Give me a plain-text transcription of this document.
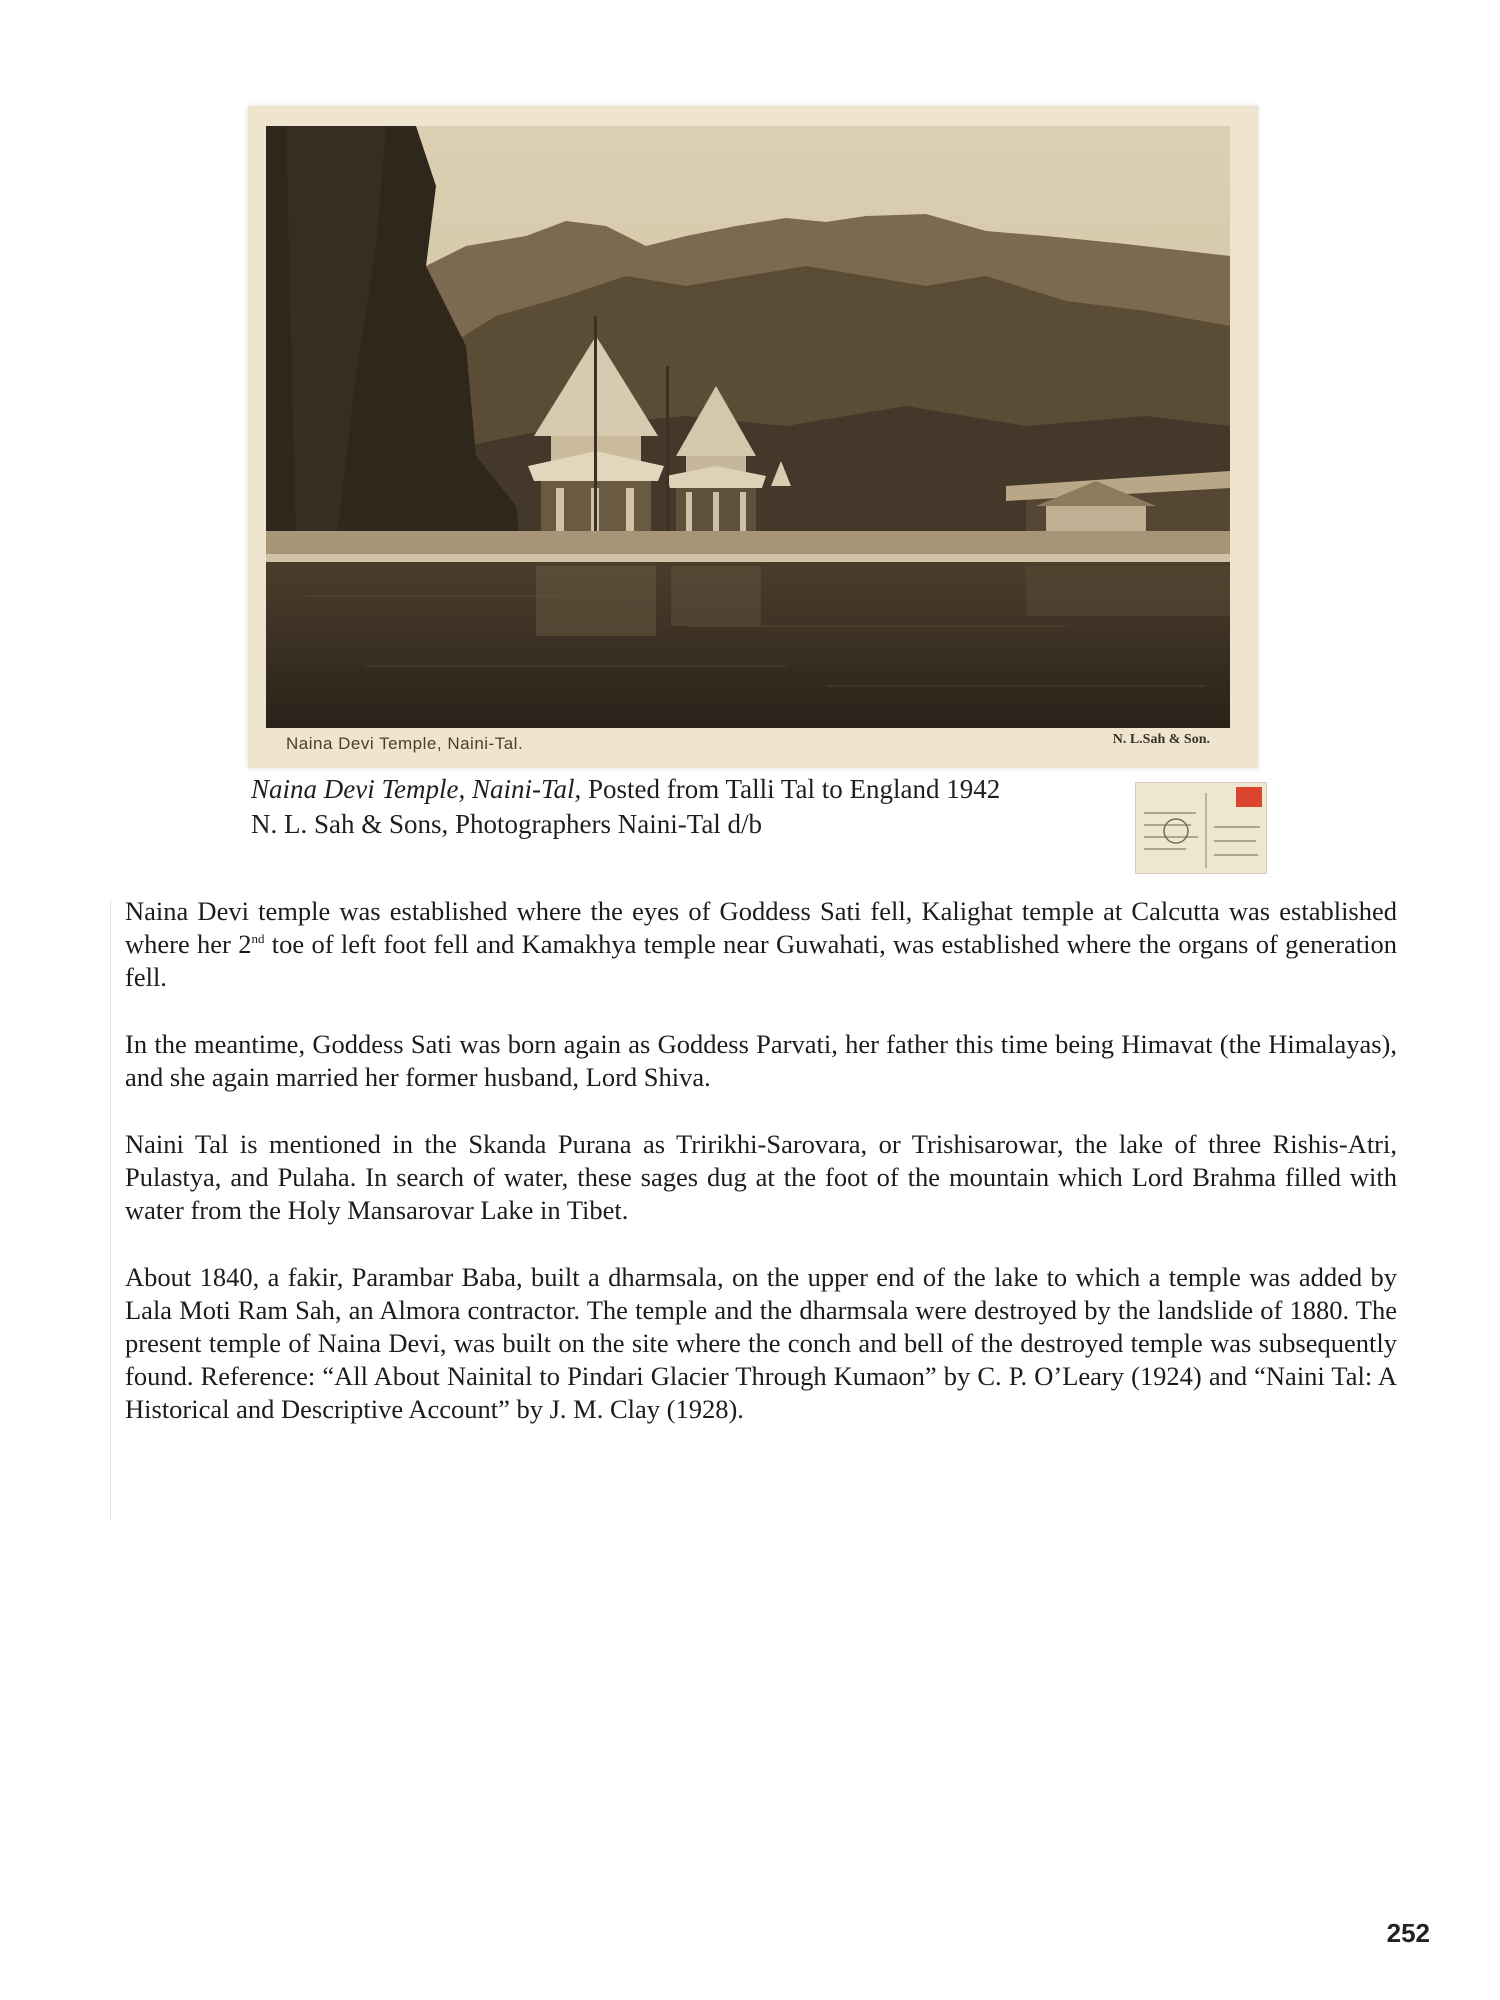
Naina Devi Temple, Naini-Tal.	N. L.Sah & Son.
Naina Devi Temple, Naini-Tal, Posted from Talli Tal to England 1942
N. L. Sah & Sons, Photographers Naini-Tal d/b

Naina Devi temple was established where the eyes of Goddess Sati fell, Kalighat temple at Calcutta was established where her 2nd toe of left foot fell and Kamakhya temple near Guwahati, was established where the organs of generation fell.

In the meantime, Goddess Sati was born again as Goddess Parvati, her father this time being Himavat (the Himalayas), and she again married her former husband, Lord Shiva.

Naini Tal is mentioned in the Skanda Purana as Tririkhi-Sarovara, or Trishisarowar, the lake of three Rishis-Atri, Pulastya, and Pulaha. In search of water, these sages dug at the foot of the mountain which Lord Brahma filled with water from the Holy Mansarovar Lake in Tibet.

About 1840, a fakir, Parambar Baba, built a dharmsala, on the upper end of the lake to which a temple was added by Lala Moti Ram Sah, an Almora contractor. The temple and the dharmsala were destroyed by the landslide of 1880. The present temple of Naina Devi, was built on the site where the conch and bell of the destroyed temple was subsequently found. Reference: “All About Nainital to Pindari Glacier Through Kumaon” by C. P. O’Leary (1924) and “Naini Tal: A Historical and Descriptive Account” by J. M. Clay (1928).

252
